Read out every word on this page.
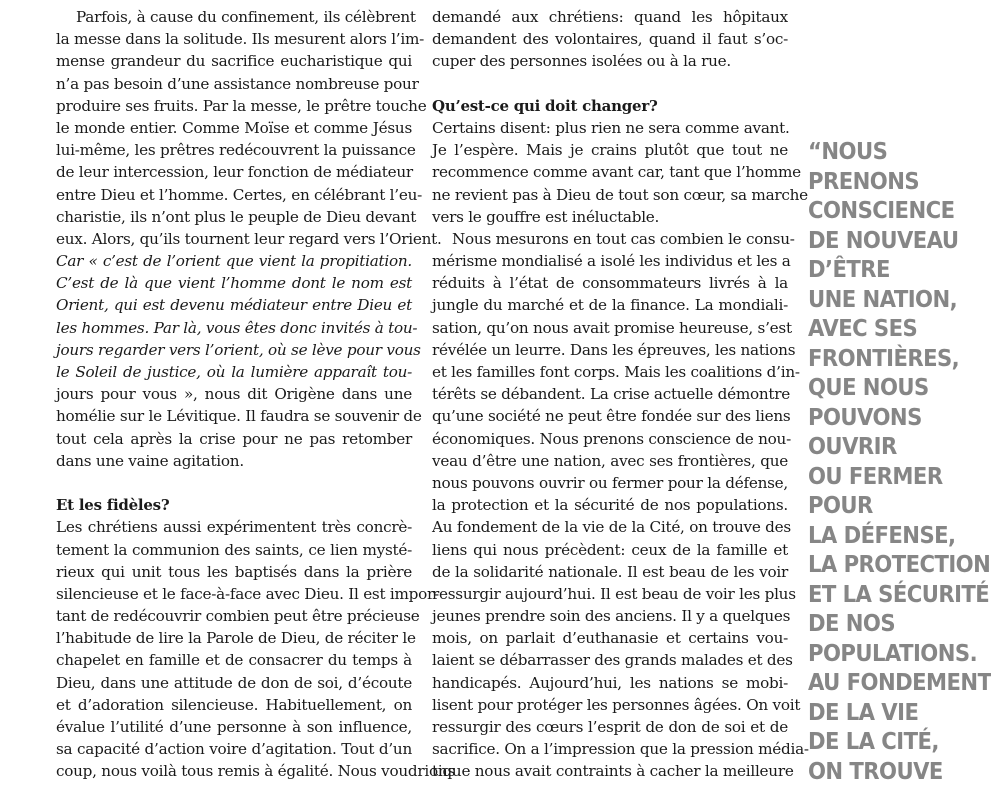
Parfois, à cause du confinement, ils célèbrent
la messe dans la solitude. Ils mesurent alors l’im-
mense grandeur du sacrifice eucharistique qui
n’a pas besoin d’une assistance nombreuse pour
produire ses fruits. Par la messe, le prêtre touche
le monde entier. Comme Moïse et comme Jésus
lui-même, les prêtres redécouvrent la puissance
de leur intercession, leur fonction de médiateur
entre Dieu et l’homme. Certes, en célébrant l’eu-
charistie, ils n’ont plus le peuple de Dieu devant
eux. Alors, qu’ils tournent leur regard vers l’Orient.
Car « c’est de l’orient que vient la propitiation.
C’est de là que vient l’homme dont le nom est
Orient, qui est devenu médiateur entre Dieu et
les hommes. Par là, vous êtes donc invités à tou-
jours regarder vers l’orient, où se lève pour vous
le Soleil de justice, où la lumière apparaît tou-
jours pour vous », nous dit Origène dans une
homélie sur le Lévitique. Il faudra se souvenir de
tout cela après la crise pour ne pas retomber
dans une vaine agitation.
Et les fidèles?
Les chrétiens aussi expérimentent très concrè-
tement la communion des saints, ce lien mysté-
rieux qui unit tous les baptisés dans la prière
silencieuse et le face-à-face avec Dieu. Il est impor-
tant de redécouvrir combien peut être précieuse
l’habitude de lire la Parole de Dieu, de réciter le
chapelet en famille et de consacrer du temps à
Dieu, dans une attitude de don de soi, d’écoute
et d’adoration silencieuse. Habituellement, on
évalue l’utilité d’une personne à son influence,
sa capacité d’action voire d’agitation. Tout d’un
coup, nous voilà tous remis à égalité. Nous voudrions
demandé aux chrétiens: quand les hôpitaux
demandent des volontaires, quand il faut s’oc-
cuper des personnes isolées ou à la rue.
Qu’est-ce qui doit changer?
Certains disent: plus rien ne sera comme avant.
Je l’espère. Mais je crains plutôt que tout ne
recommence comme avant car, tant que l’homme
ne revient pas à Dieu de tout son cœur, sa marche
vers le gouffre est inéluctable.
Nous mesurons en tout cas combien le consu-
mérisme mondialisé a isolé les individus et les a
réduits à l’état de consommateurs livrés à la
jungle du marché et de la finance. La mondiali-
sation, qu’on nous avait promise heureuse, s’est
révélée un leurre. Dans les épreuves, les nations
et les familles font corps. Mais les coalitions d’in-
térêts se débandent. La crise actuelle démontre
qu’une société ne peut être fondée sur des liens
économiques. Nous prenons conscience de nou-
veau d’être une nation, avec ses frontières, que
nous pouvons ouvrir ou fermer pour la défense,
la protection et la sécurité de nos populations.
Au fondement de la vie de la Cité, on trouve des
liens qui nous précèdent: ceux de la famille et
de la solidarité nationale. Il est beau de les voir
ressurgir aujourd’hui. Il est beau de voir les plus
jeunes prendre soin des anciens. Il y a quelques
mois, on parlait d’euthanasie et certains vou-
laient se débarrasser des grands malades et des
handicapés. Aujourd’hui, les nations se mobi-
lisent pour protéger les personnes âgées. On voit
ressurgir des cœurs l’esprit de don de soi et de
sacrifice. On a l’impression que la pression média-
tique nous avait contraints à cacher la meilleure
“NOUS
PRENONS
CONSCIENCE
DE NOUVEAU
D’ÊTRE
UNE NATION,
AVEC SES
FRONTIÈRES,
QUE NOUS
POUVONS
OUVRIR
OU FERMER
POUR
LA DÉFENSE,
LA PROTECTION
ET LA SÉCURITÉ
DE NOS
POPULATIONS.
AU FONDEMENT
DE LA VIE
DE LA CITÉ,
ON TROUVE
